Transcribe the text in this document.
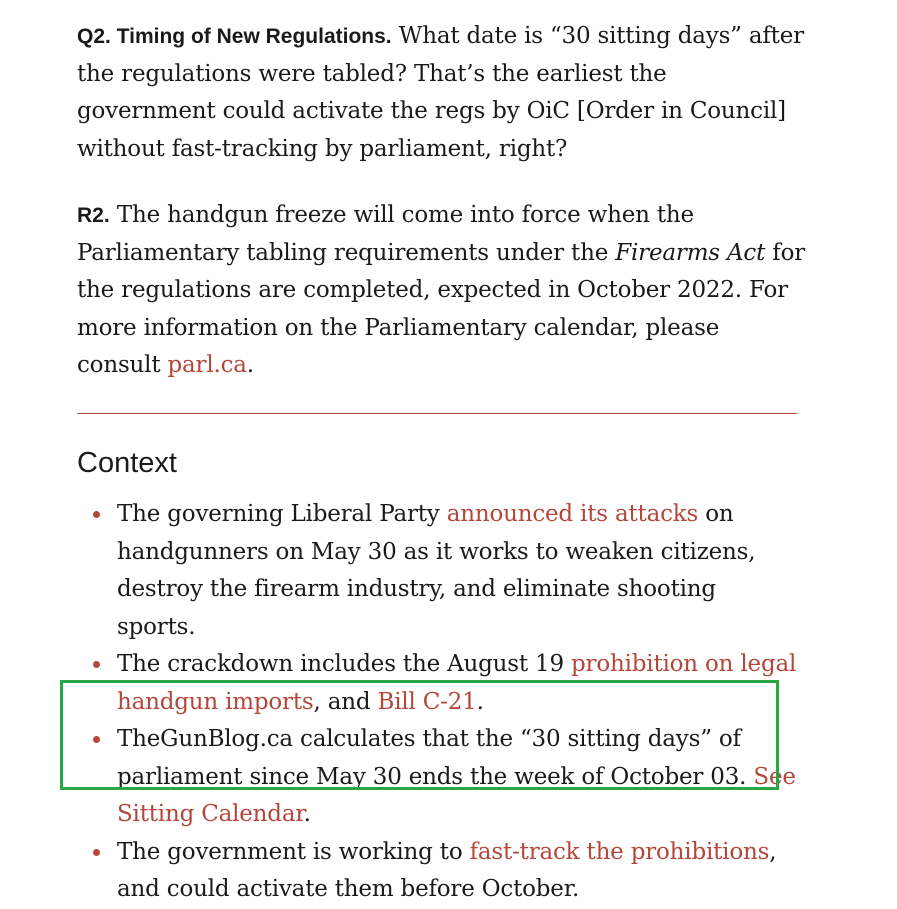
Q2. Timing of New Regulations. What date is “30 sitting days” after the regulations were tabled? That’s the earliest the government could activate the regs by OiC [Order in Council] without fast-tracking by parliament, right?

R2. The handgun freeze will come into force when the Parliamentary tabling requirements under the Firearms Act for the regulations are completed, expected in October 2022. For more information on the Parliamentary calendar, please consult parl.ca.

Context
The governing Liberal Party announced its attacks on handgunners on May 30 as it works to weaken citizens, destroy the firearm industry, and eliminate shooting sports.
The crackdown includes the August 19 prohibition on legal handgun imports, and Bill C-21.
TheGunBlog.ca calculates that the “30 sitting days” of parliament since May 30 ends the week of October 03. See Sitting Calendar.
The government is working to fast-track the prohibitions, and could activate them before October.
